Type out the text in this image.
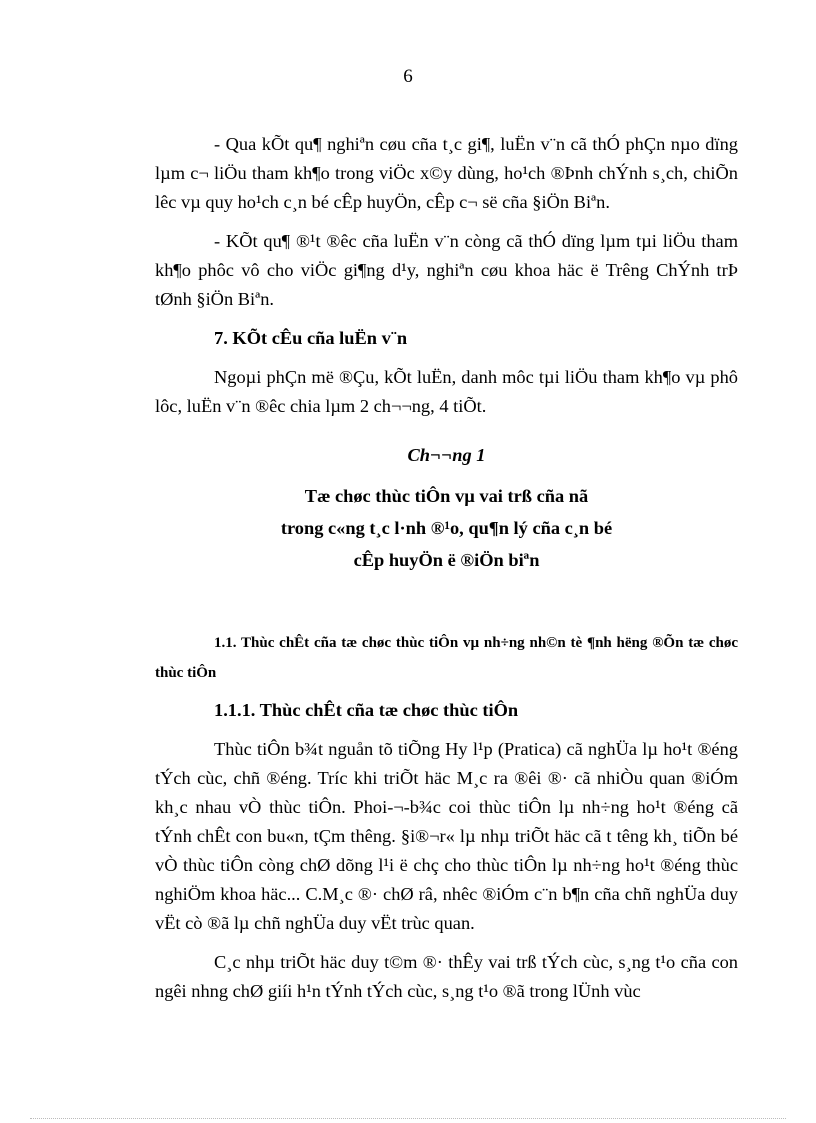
6

- Qua kÕt qu¶ nghiªn cøu cña t¸c gi¶, luËn v¨n cã thÓ phÇn nµo dïng lµm c¬ liÖu tham kh¶o trong viÖc x©y dùng, ho¹ch ®Þnh chÝnh s¸ch, chiÕn lêc vµ quy ho¹ch c¸n bé cÊp huyÖn, cÊp c¬ së cña §iÖn Biªn.

- KÕt qu¶ ®¹t ®êc cña luËn v¨n còng cã thÓ dïng lµm tµi liÖu tham kh¶o phôc vô cho viÖc gi¶ng d¹y, nghiªn cøu khoa häc ë Trêng ChÝnh trÞ tØnh §iÖn Biªn.

7. KÕt cÊu cña luËn v¨n

Ngoµi phÇn më ®Çu, kÕt luËn, danh môc tµi liÖu tham kh¶o vµ phô lôc, luËn v¨n ®êc chia lµm 2 ch¬¬ng, 4 tiÕt.

Ch¬¬ng 1

Tæ chøc thùc tiÔn vµ vai trß cña nã

trong c«ng t¸c l·nh ®¹o, qu¶n lý cña c¸n bé

cÊp huyÖn ë ®iÖn biªn

1.1. Thùc chÊt cña tæ chøc thùc tiÔn vµ nh÷ng nh©n tè ¶nh hëng ®Õn tæ chøc thùc tiÔn

1.1.1. Thùc chÊt cña tæ chøc thùc tiÔn

Thùc tiÔn b¾t nguån tõ tiÕng Hy l¹p (Pratica) cã nghÜa lµ ho¹t ®éng tÝch cùc, chñ ®éng. Tríc khi triÕt häc M¸c ra ®êi ®· cã nhiÒu quan ®iÓm kh¸c nhau vÒ thùc tiÔn. Phoi-¬-b¾c coi thùc tiÔn lµ nh÷ng ho¹t ®éng cã tÝnh chÊt con bu«n, tÇm thêng. §i®¬r« lµ nhµ triÕt häc cã t têng kh¸ tiÕn bé vÒ thùc tiÔn còng chØ dõng l¹i ë chç cho thùc tiÔn lµ nh÷ng ho¹t ®éng thùc nghiÖm khoa häc... C.M¸c ®· chØ râ, nhêc ®iÓm c¨n b¶n cña chñ nghÜa duy vËt cò ®ã lµ chñ nghÜa duy vËt trùc quan.

C¸c nhµ triÕt häc duy t©m ®· thÊy vai trß tÝch cùc, s¸ng t¹o cña con ngêi nhng chØ giíi h¹n tÝnh tÝch cùc, s¸ng t¹o ®ã trong lÜnh vùc
